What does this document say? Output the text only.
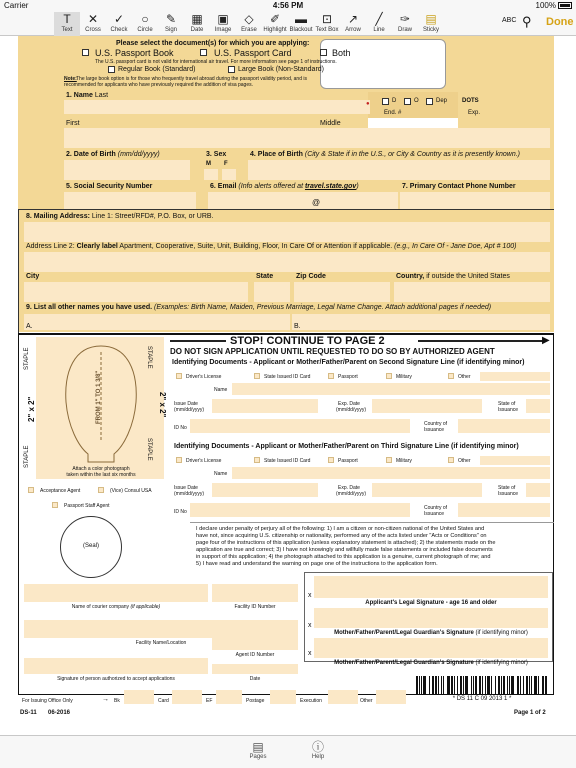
Carrier	4:56 PM	100%
T
Text
✕
Cross
✓
Check
○
Circle
✎
Sign
▦
Date
▣
Image
◇
Erase
✐
Highlight
▬
Blackout
⊡
Text Box
↗
Arrow
╱
Line
✑
Draw
▤
Sticky
ABC ⚲ Done
Please select the document(s) for which you are applying:
U.S. Passport Book	U.S. Passport Card	Both
The U.S. passport card is not valid for international air travel. For more information see page 1 of instructions.
Regular Book (Standard)	Large Book (Non-Standard)
Note: The large book option is for those who frequently travel abroad during the passport validity period, and is
recommended for applicants who have previously required the addition of visa pages.
1. Name Last
●	D	O	Dep DOTS
End. #	Exp.
First	Middle
2. Date of Birth (mm/dd/yyyy)	3. Sex
M F
4. Place of Birth (City & State if in the U.S., or City & Country as it is presently known.)
5. Social Security Number	6. Email (Info alerts offered at travel.state.gov)
@
7. Primary Contact Phone Number
8. Mailing Address: Line 1: Street/RFD#, P.O. Box, or URB.
Address Line 2: Clearly label Apartment, Cooperative, Suite, Unit, Building, Floor, In Care Of or Attention if applicable. (e.g., In Care Of - Jane Doe, Apt # 100)
City	State	Zip Code	Country, if outside the United States
9. List all other names you have used. (Examples: Birth Name, Maiden, Previous Marriage, Legal Name Change. Attach additional pages if needed)
A.	B.
STOP! CONTINUE TO PAGE 2	▶
DO NOT SIGN APPLICATION UNTIL REQUESTED TO DO SO BY AUTHORIZED AGENT
STAPLE	STAPLE
STAPLE	STAPLE
2" x 2"	2" x 2"
FROM 1" TO 1 3/8"
Attach a color photograph
taken within the last six months
Identifying Documents - Applicant or Mother/Father/Parent on Second Signature Line (if identifying minor)
Identifying Documents - Applicant or Mother/Father/Parent on Third Signature Line (if identifying minor)
Acceptance Agent	(Vice) Consul USA
Passport Staff Agent
(Seal)
I declare under penalty of perjury all of the following: 1) I am a citizen or non-citizen national of the United States and
have not, since acquiring U.S. citizenship or nationality, performed any of the acts listed under "Acts or Conditions" on
page four of the instructions of this application (unless explanatory statement is attached); 2) the statements made on the
application are true and correct; 3) I have not knowingly and willfully made false statements or included false documents
in support of this application; 4) the photograph attached to this application is a genuine, current photograph of me; and
5) I have read and understand the warning on page one of the instructions to the application form.
x
Applicant's Legal Signature - age 16 and older
x
Mother/Father/Parent/Legal Guardian's Signature (if identifying minor)
x
Mother/Father/Parent/Legal Guardian's Signature (if identifying minor)
Name of courier company (if applicable)	Facility ID Number
Facility Name/Location
Agent ID Number
Signature of person authorized to accept applications	Date
For Issuing Office Only	→ Bk	Card	EF	Postage	Execution	Other	* DS 11 C 09 2013 1 *
DS-11 06-2016	Page 1 of 2
Driver's License	State Issued ID Card	Passport	Military	Other
Name
Issue Date
(mm/dd/yyyy)
Exp. Date
(mm/dd/yyyy)
State of
Issuance
ID No
Country of
Issuance
Driver's License	State Issued ID Card	Passport	Military	Other
Name
Issue Date
(mm/dd/yyyy)
Exp. Date
(mm/dd/yyyy)
State of
Issuance
ID No
Country of
Issuance
▤
Pages
ⓘ
Help
